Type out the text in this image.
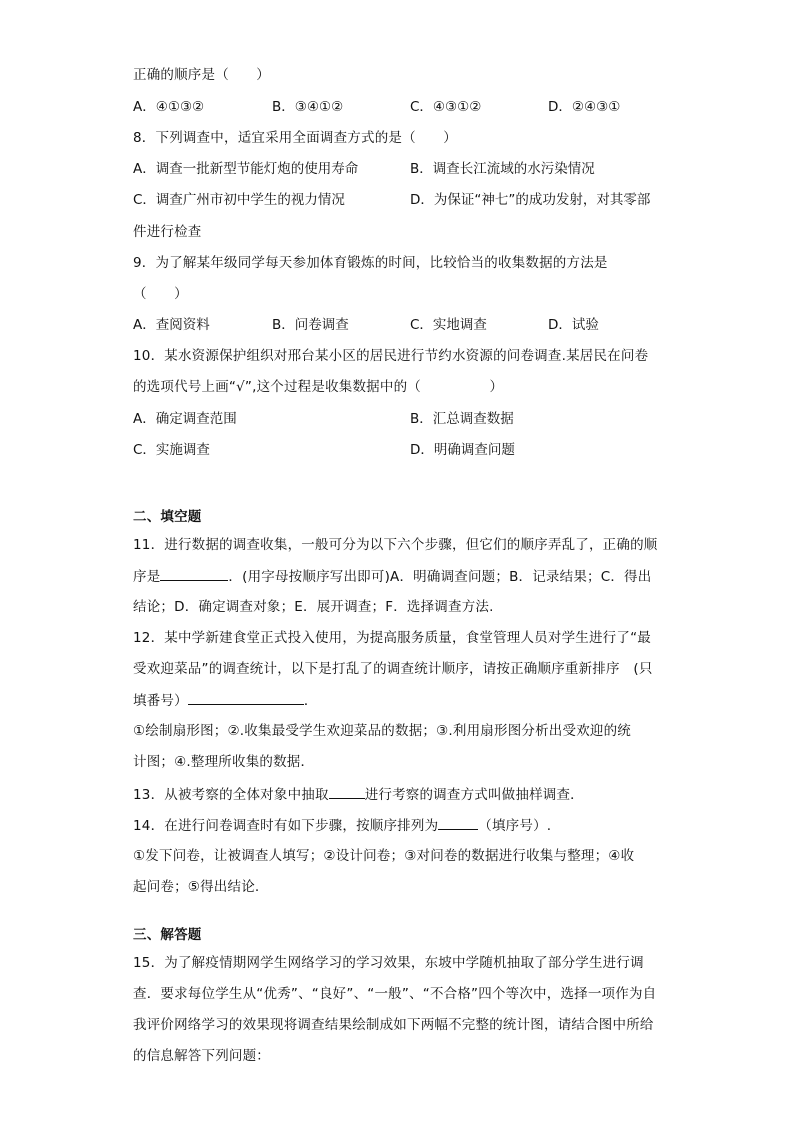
正确的顺序是（　　）
A．④①③②	B．③④①②	C．④③①②	D．②④③①
8．下列调查中，适宜采用全面调查方式的是（　　）
A．调查一批新型节能灯炮的使用寿命	B．调查长江流域的水污染情况
C．调查广州市初中学生的视力情况	D．为保证“神七”的成功发射，对其零部
件进行检查
9．为了解某年级同学每天参加体育锻炼的时间，比较恰当的收集数据的方法是
（　　）
A．查阅资料	B．问卷调查	C．实地调查	D．试验
10．某水资源保护组织对邢台某小区的居民进行节约水资源的问卷调查.某居民在问卷
的选项代号上画“√”,这个过程是收集数据中的（　　　　　）
A．确定调查范围	B．汇总调查数据
C．实施调查	D．明确调查问题
二、填空题
11．进行数据的调查收集，一般可分为以下六个步骤，但它们的顺序弄乱了，正确的顺
序是	．(用字母按顺序写出即可)A．明确调查问题；B．记录结果；C．得出
结论；D．确定调查对象；E．展开调查；F．选择调查方法.
12．某中学新建食堂正式投入使用，为提高服务质量，食堂管理人员对学生进行了“最
受欢迎菜品”的调查统计，以下是打乱了的调查统计顺序，请按正确顺序重新排序　(只
填番号）	．
①绘制扇形图；②.收集最受学生欢迎菜品的数据；③.利用扇形图分析出受欢迎的统
计图；④.整理所收集的数据．
13．从被考察的全体对象中抽取	进行考察的调查方式叫做抽样调查．
14．在进行问卷调查时有如下步骤，按顺序排列为	（填序号）.
①发下问卷，让被调查人填写；②设计问卷；③对问卷的数据进行收集与整理；④收
起问卷；⑤得出结论.
三、解答题
15．为了解疫情期网学生网络学习的学习效果，东坡中学随机抽取了部分学生进行调
查．要求每位学生从“优秀”、“良好”、“一般”、“不合格”四个等次中，选择一项作为自
我评价网络学习的效果现将调查结果绘制成如下两幅不完整的统计图，请结合图中所给
的信息解答下列问题：
